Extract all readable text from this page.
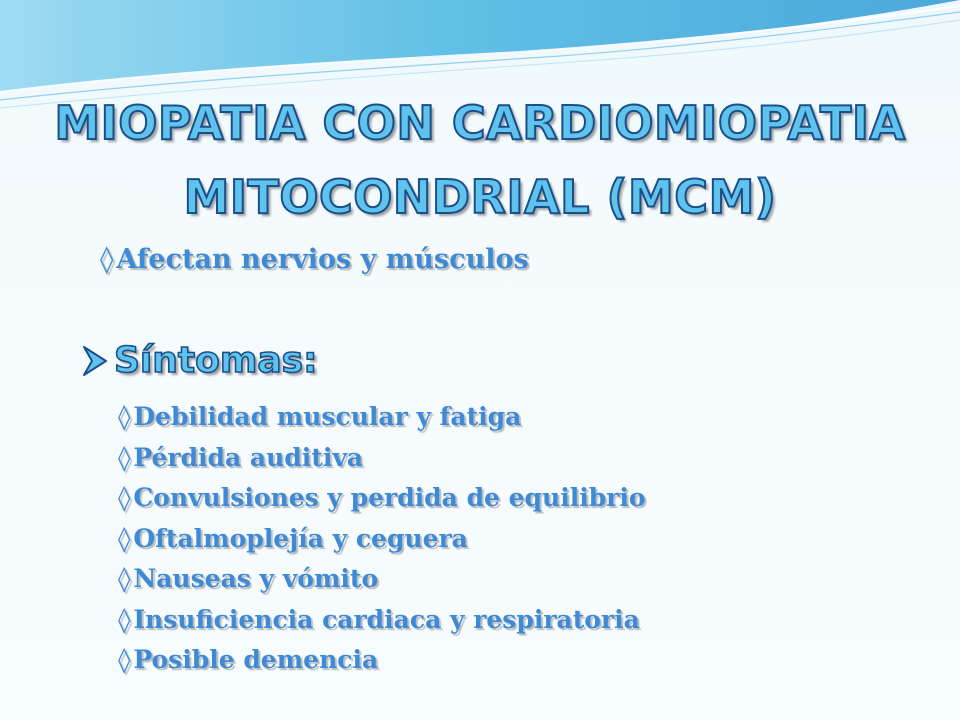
MIOPATIA CON CARDIOMIOPATIA
MITOCONDRIAL (MCM)
◊ Afectan nervios y músculos
Síntomas:
◊ Debilidad muscular y fatiga
◊ Pérdida auditiva
◊ Convulsiones y perdida de equilibrio
◊ Oftalmoplejía y ceguera
◊ Nauseas y vómito
◊ Insuficiencia cardiaca y respiratoria
◊ Posible demencia
